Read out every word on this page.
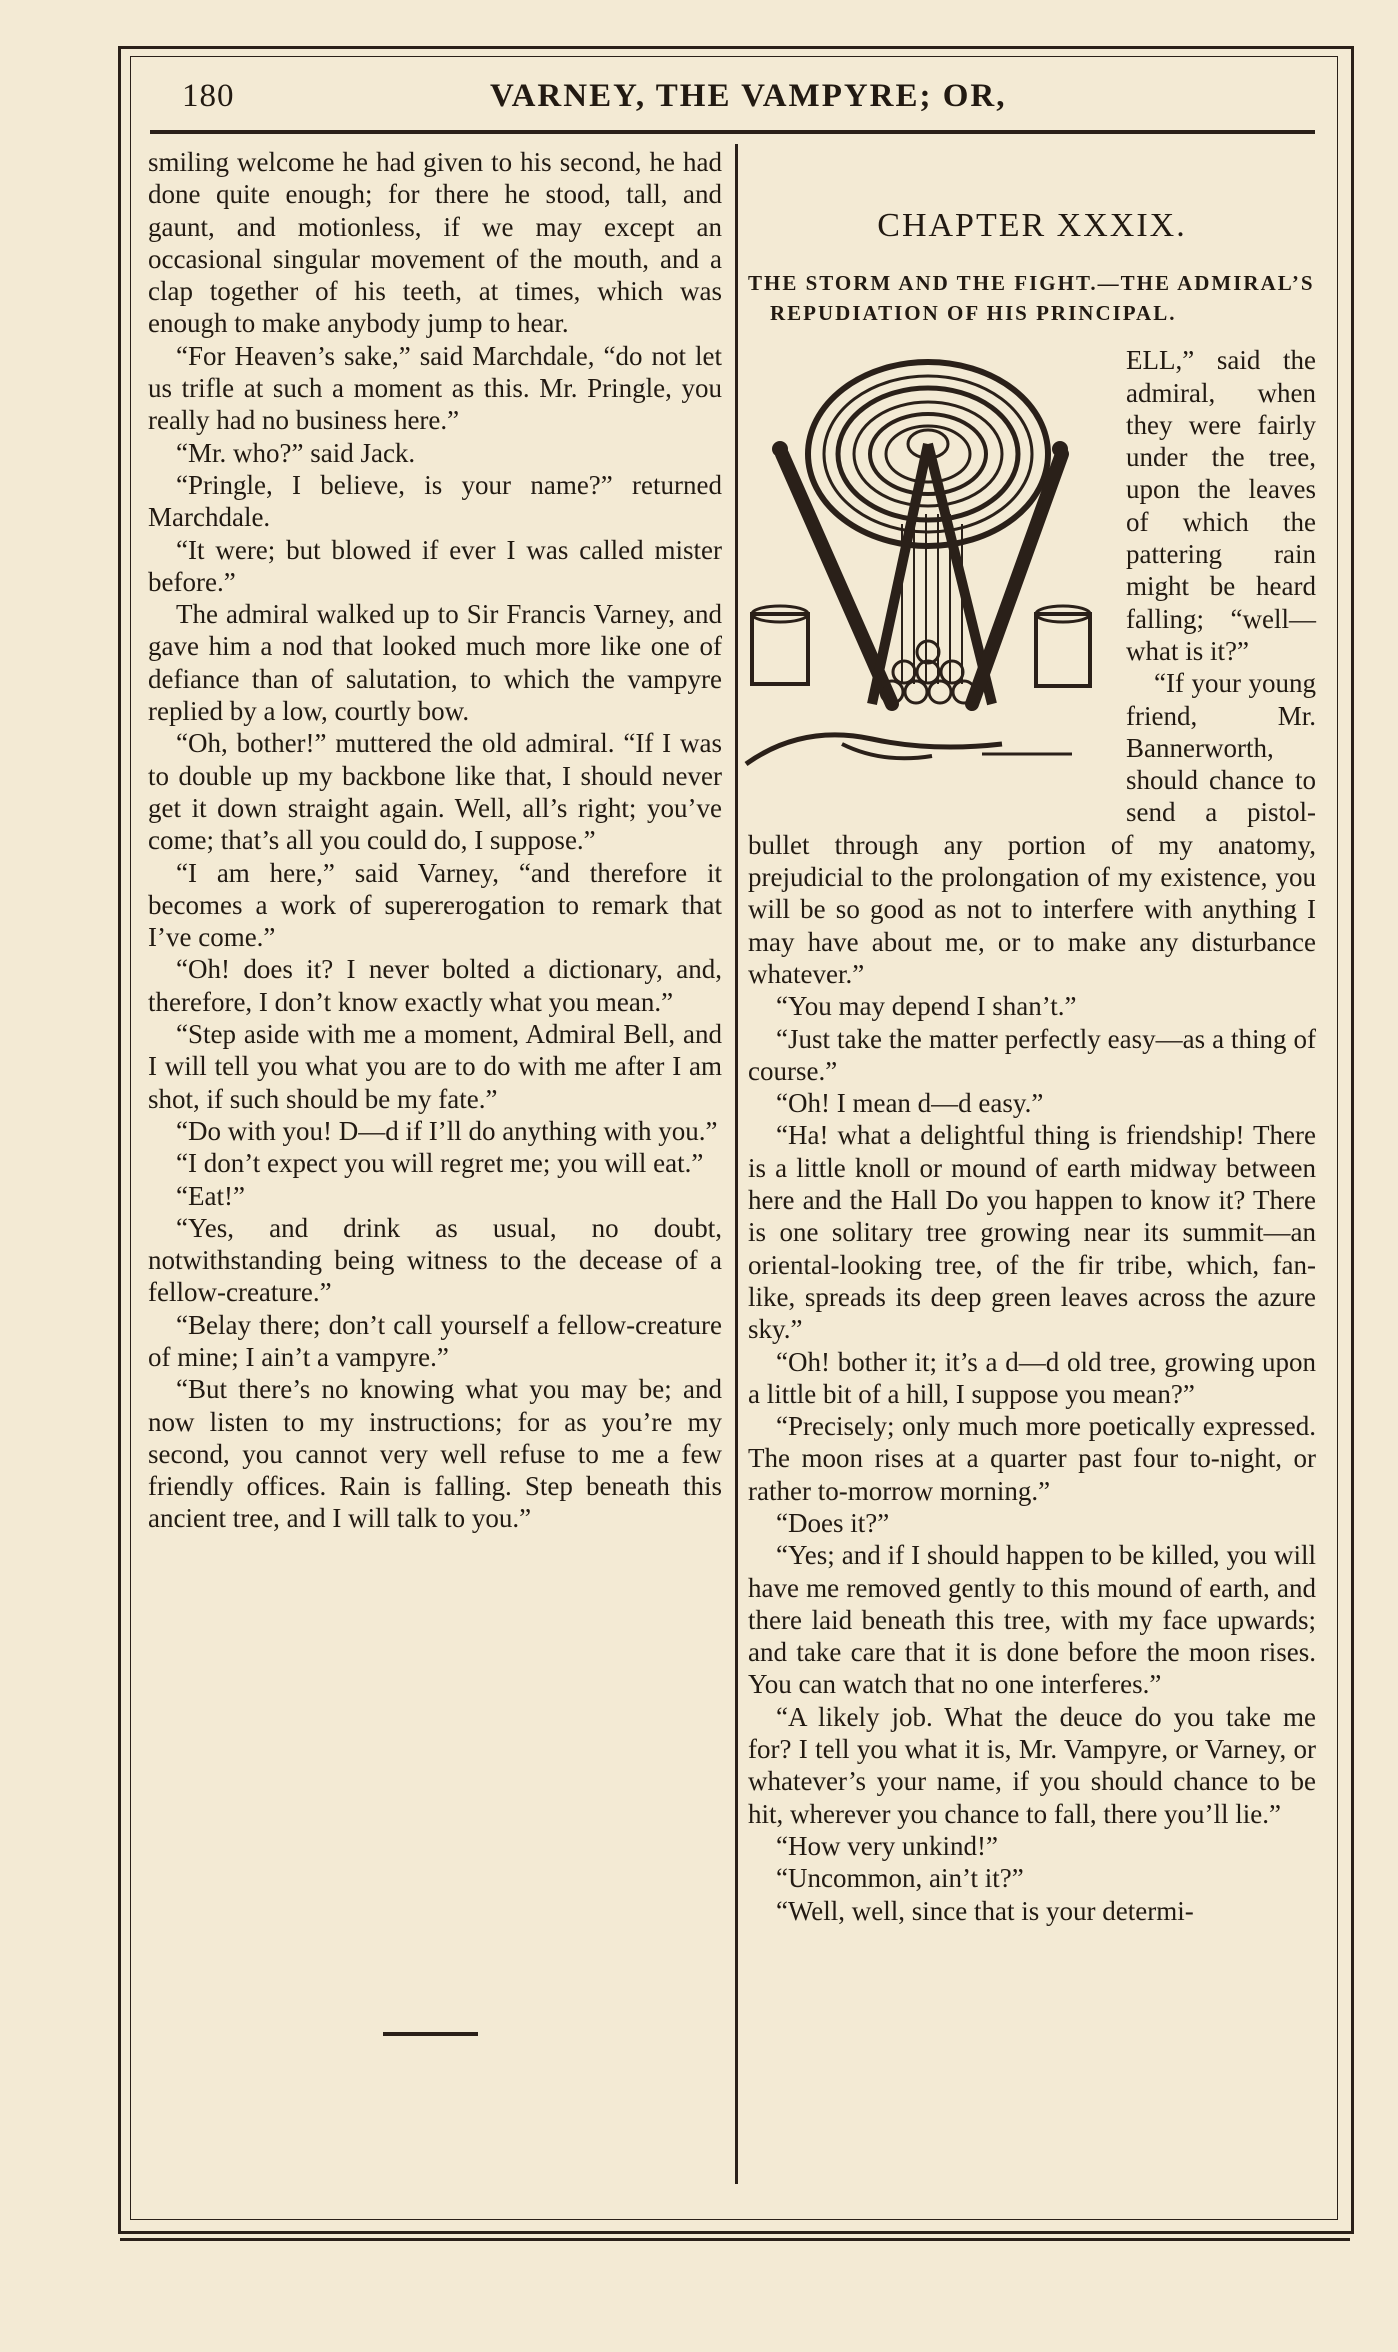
180	VARNEY, THE VAMPYRE; OR,

smiling welcome he had given to his second, he had done quite enough; for there he stood, tall, and gaunt, and motionless, if we may except an occasional singular movement of the mouth, and a clap together of his teeth, at times, which was enough to make anybody jump to hear.

“For Heaven’s sake,” said Marchdale, “do not let us trifle at such a moment as this. Mr. Pringle, you really had no business here.”

“Mr. who?” said Jack.

“Pringle, I believe, is your name?” returned Marchdale.

“It were; but blowed if ever I was called mister before.”

The admiral walked up to Sir Francis Varney, and gave him a nod that looked much more like one of defiance than of salutation, to which the vampyre replied by a low, courtly bow.

“Oh, bother!” muttered the old admiral. “If I was to double up my backbone like that, I should never get it down straight again. Well, all’s right; you’ve come; that’s all you could do, I suppose.”

“I am here,” said Varney, “and therefore it becomes a work of supererogation to remark that I’ve come.”

“Oh! does it? I never bolted a dictionary, and, therefore, I don’t know exactly what you mean.”

“Step aside with me a moment, Admiral Bell, and I will tell you what you are to do with me after I am shot, if such should be my fate.”

“Do with you! D—d if I’ll do anything with you.”

“I don’t expect you will regret me; you will eat.”

“Eat!”

“Yes, and drink as usual, no doubt, notwithstanding being witness to the decease of a fellow-creature.”

“Belay there; don’t call yourself a fellow-creature of mine; I ain’t a vampyre.”

“But there’s no knowing what you may be; and now listen to my instructions; for as you’re my second, you cannot very well refuse to me a few friendly offices. Rain is falling. Step beneath this ancient tree, and I will talk to you.”

CHAPTER XXXIX.
THE STORM AND THE FIGHT.—THE ADMIRAL’S REPUDIATION OF HIS PRINCIPAL.

ELL,” said the admiral, when they were fairly under the tree, upon the leaves of which the pattering rain might be heard falling; “well—what is it?”

“If your young friend, Mr. Bannerworth, should chance to send a pistol-bullet through any portion of my anatomy, prejudicial to the prolongation of my existence, you will be so good as not to interfere with anything I may have about me, or to make any disturbance whatever.”

“You may depend I shan’t.”

“Just take the matter perfectly easy—as a thing of course.”

“Oh! I mean d—d easy.”

“Ha! what a delightful thing is friendship! There is a little knoll or mound of earth midway between here and the Hall Do you happen to know it? There is one solitary tree growing near its summit—an oriental-looking tree, of the fir tribe, which, fan-like, spreads its deep green leaves across the azure sky.”

“Oh! bother it; it’s a d—d old tree, growing upon a little bit of a hill, I suppose you mean?”

“Precisely; only much more poetically expressed. The moon rises at a quarter past four to-night, or rather to-morrow morning.”

“Does it?”

“Yes; and if I should happen to be killed, you will have me removed gently to this mound of earth, and there laid beneath this tree, with my face upwards; and take care that it is done before the moon rises. You can watch that no one interferes.”

“A likely job. What the deuce do you take me for? I tell you what it is, Mr. Vampyre, or Varney, or whatever’s your name, if you should chance to be hit, wherever you chance to fall, there you’ll lie.”

“How very unkind!”

“Uncommon, ain’t it?”

“Well, well, since that is your determi-
